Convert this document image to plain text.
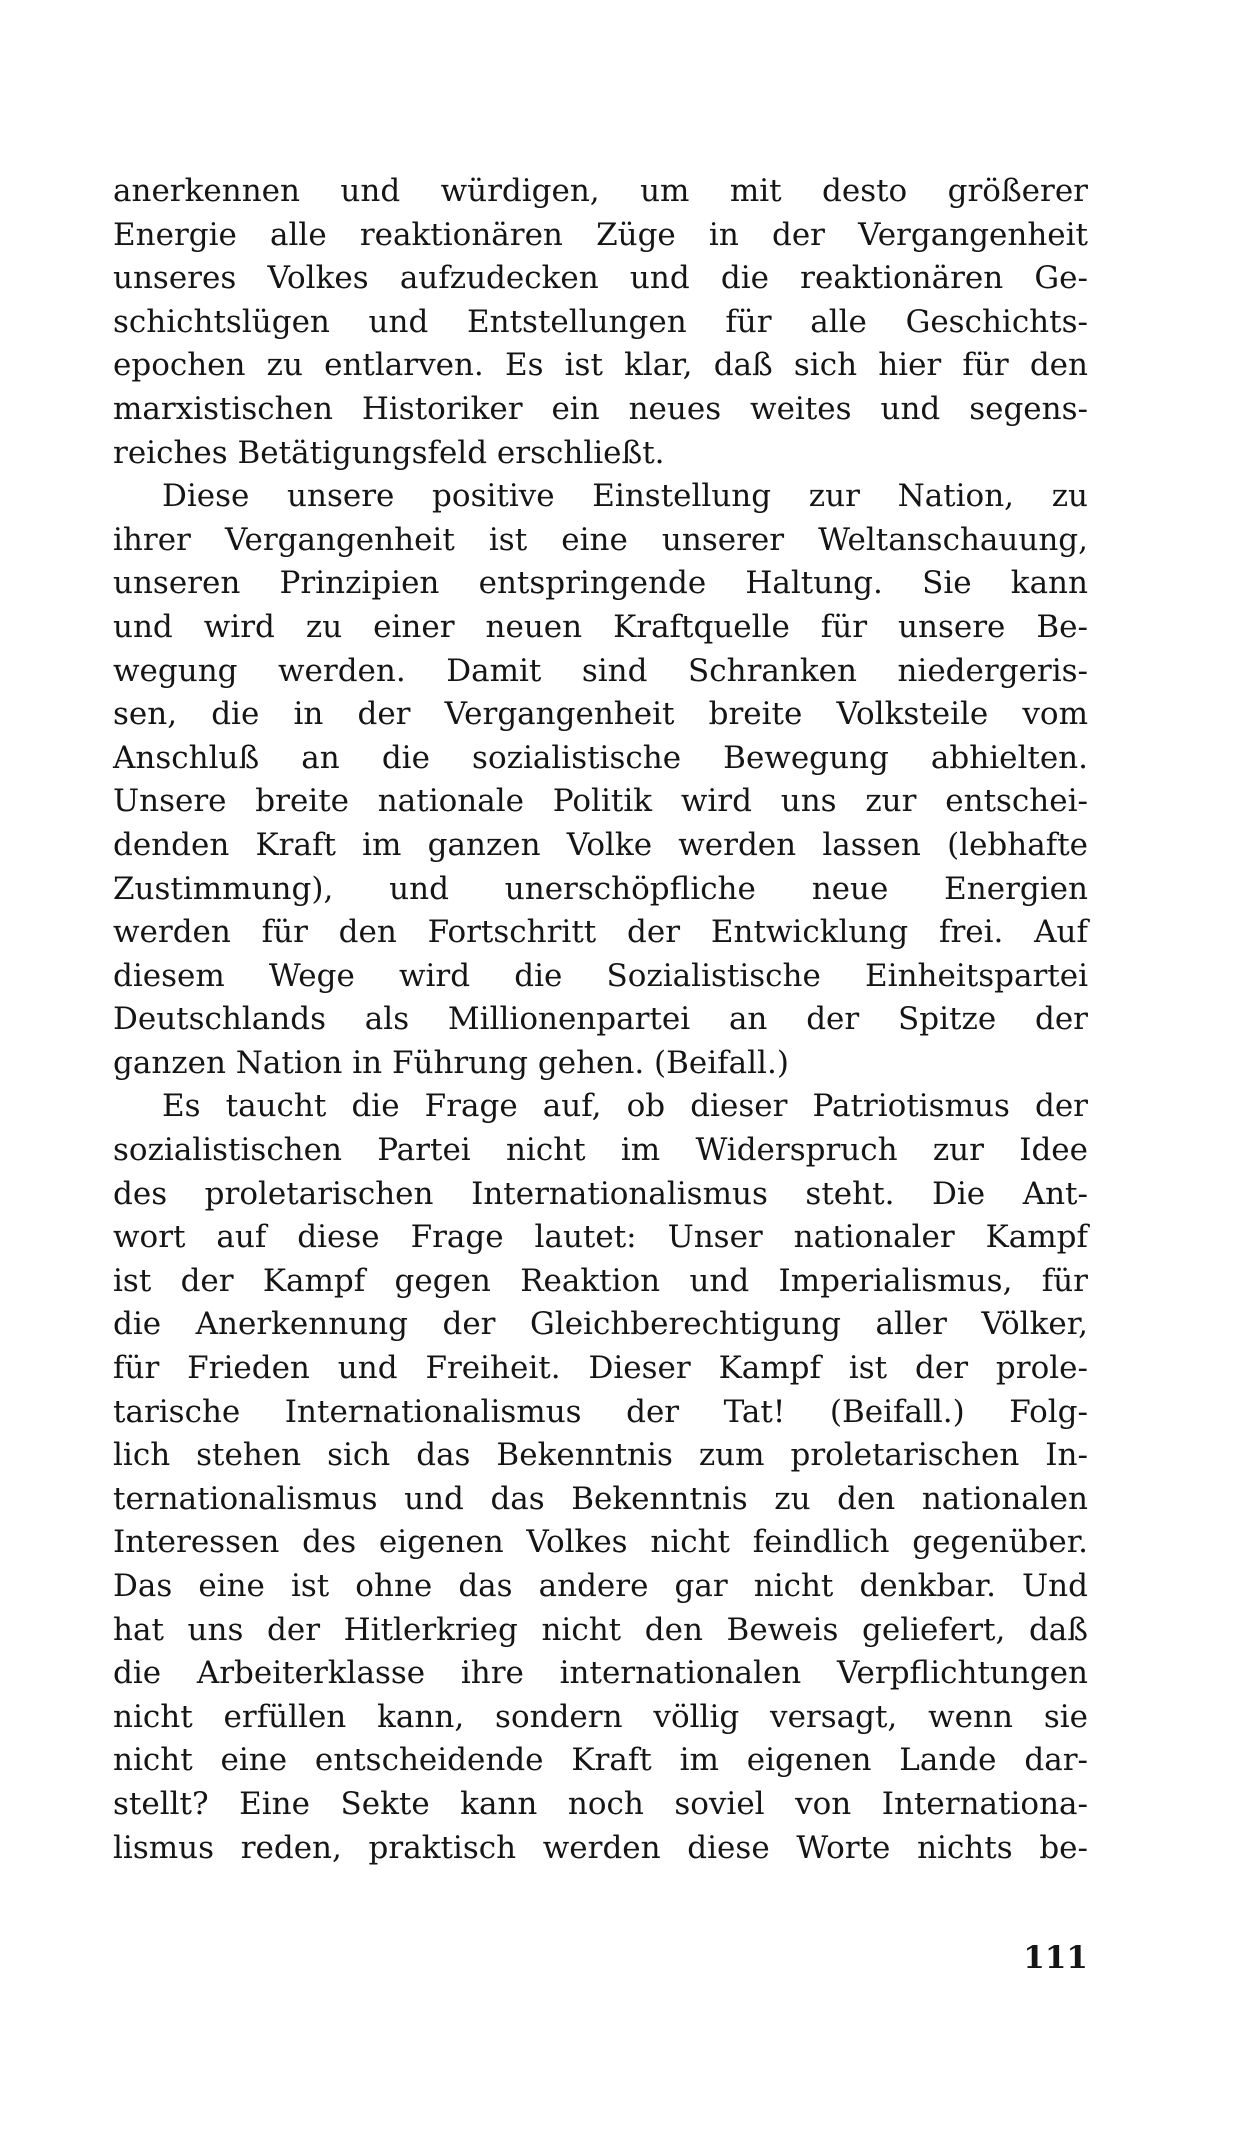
anerkennen und würdigen, um mit desto größerer
Energie alle reaktionären Züge in der Vergangenheit
unseres Volkes aufzudecken und die reaktionären Ge-
schichtslügen und Entstellungen für alle Geschichts-
epochen zu entlarven. Es ist klar, daß sich hier für den
marxistischen Historiker ein neues weites und segens-
reiches Betätigungsfeld erschließt.
Diese unsere positive Einstellung zur Nation, zu
ihrer Vergangenheit ist eine unserer Weltanschauung,
unseren Prinzipien entspringende Haltung. Sie kann
und wird zu einer neuen Kraftquelle für unsere Be-
wegung werden. Damit sind Schranken niedergeris-
sen, die in der Vergangenheit breite Volksteile vom
Anschluß an die sozialistische Bewegung abhielten.
Unsere breite nationale Politik wird uns zur entschei-
denden Kraft im ganzen Volke werden lassen (lebhafte
Zustimmung), und unerschöpfliche neue Energien
werden für den Fortschritt der Entwicklung frei. Auf
diesem Wege wird die Sozialistische Einheitspartei
Deutschlands als Millionenpartei an der Spitze der
ganzen Nation in Führung gehen. (Beifall.)
Es taucht die Frage auf, ob dieser Patriotismus der
sozialistischen Partei nicht im Widerspruch zur Idee
des proletarischen Internationalismus steht. Die Ant-
wort auf diese Frage lautet: Unser nationaler Kampf
ist der Kampf gegen Reaktion und Imperialismus, für
die Anerkennung der Gleichberechtigung aller Völker,
für Frieden und Freiheit. Dieser Kampf ist der prole-
tarische Internationalismus der Tat! (Beifall.) Folg-
lich stehen sich das Bekenntnis zum proletarischen In-
ternationalismus und das Bekenntnis zu den nationalen
Interessen des eigenen Volkes nicht feindlich gegenüber.
Das eine ist ohne das andere gar nicht denkbar. Und
hat uns der Hitlerkrieg nicht den Beweis geliefert, daß
die Arbeiterklasse ihre internationalen Verpflichtungen
nicht erfüllen kann, sondern völlig versagt, wenn sie
nicht eine entscheidende Kraft im eigenen Lande dar-
stellt? Eine Sekte kann noch soviel von Internationa-
lismus reden, praktisch werden diese Worte nichts be-
111
